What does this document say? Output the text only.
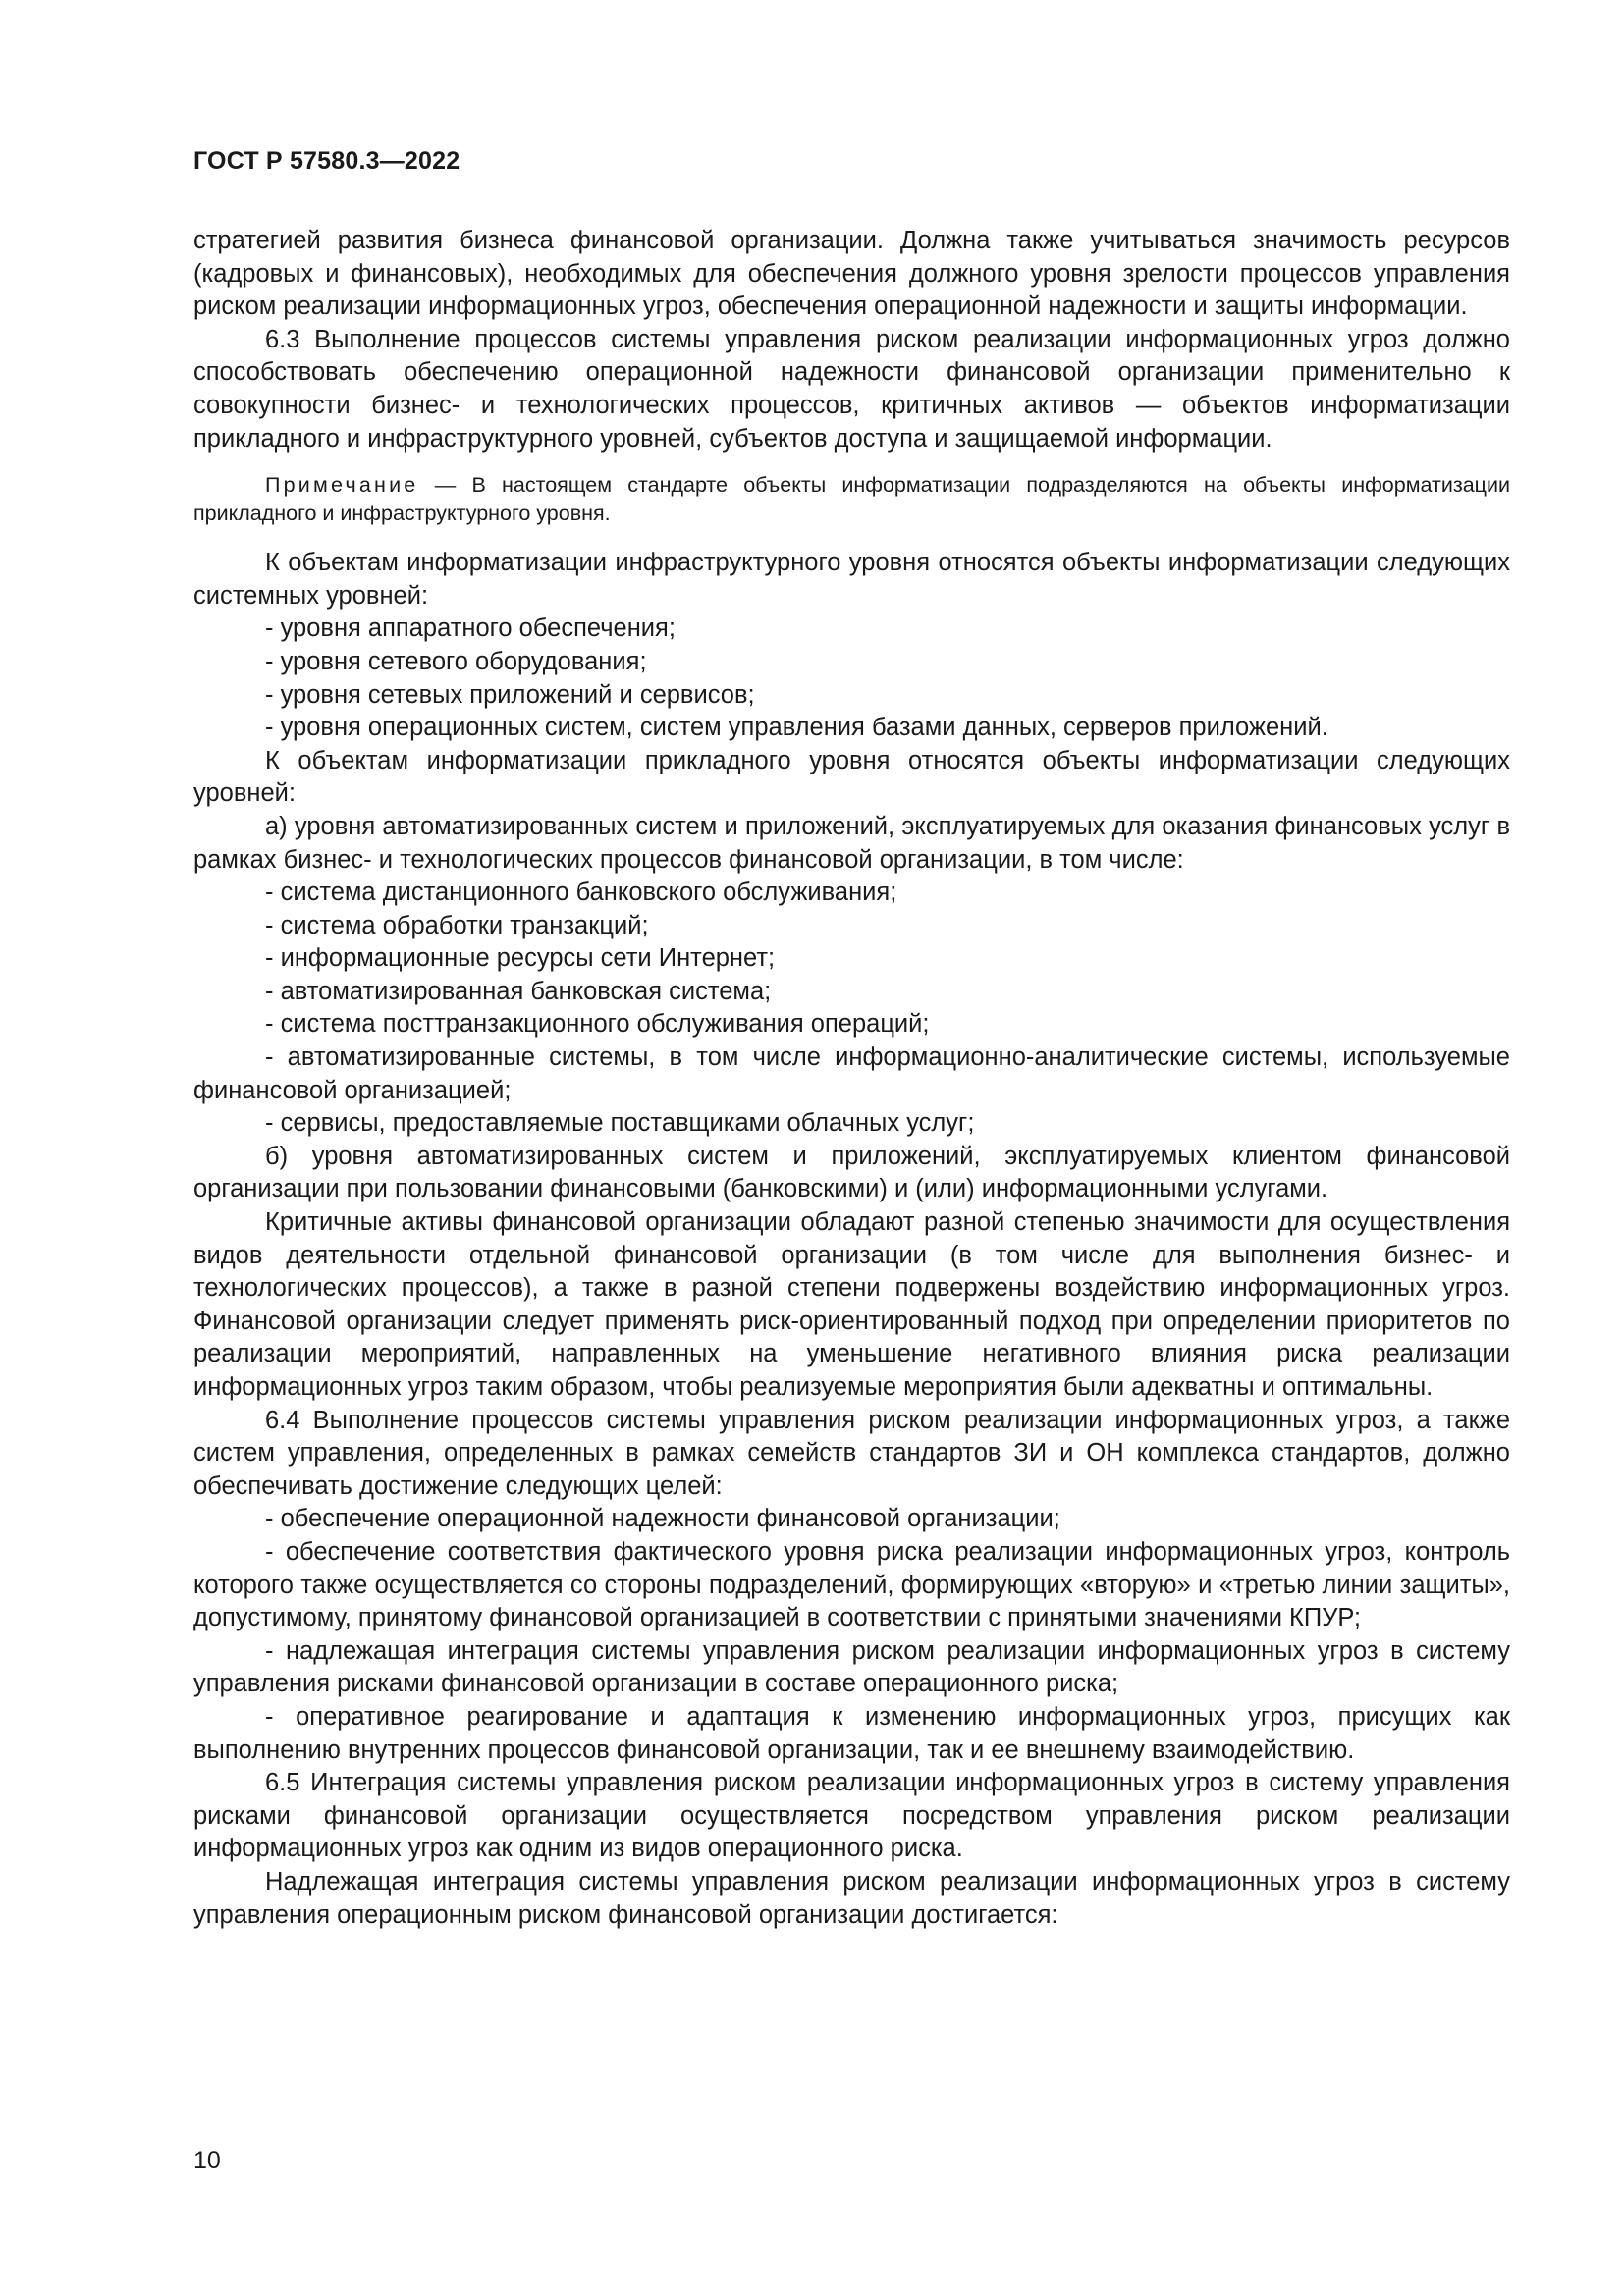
ГОСТ Р 57580.3—2022

стратегией развития бизнеса финансовой организации. Должна также учитываться значимость ресурсов (кадровых и финансовых), необходимых для обеспечения должного уровня зрелости процессов управления риском реализации информационных угроз, обеспечения операционной надежности и защиты информации.

6.3 Выполнение процессов системы управления риском реализации информационных угроз должно способствовать обеспечению операционной надежности финансовой организации применительно к совокупности бизнес- и технологических процессов, критичных активов — объектов информатизации прикладного и инфраструктурного уровней, субъектов доступа и защищаемой информации.

Примечание — В настоящем стандарте объекты информатизации подразделяются на объекты информатизации прикладного и инфраструктурного уровня.

К объектам информатизации инфраструктурного уровня относятся объекты информатизации следующих системных уровней:

- уровня аппаратного обеспечения;

- уровня сетевого оборудования;

- уровня сетевых приложений и сервисов;

- уровня операционных систем, систем управления базами данных, серверов приложений.

К объектам информатизации прикладного уровня относятся объекты информатизации следующих уровней:

а) уровня автоматизированных систем и приложений, эксплуатируемых для оказания финансовых услуг в рамках бизнес- и технологических процессов финансовой организации, в том числе:

- система дистанционного банковского обслуживания;

- система обработки транзакций;

- информационные ресурсы сети Интернет;

- автоматизированная банковская система;

- система посттранзакционного обслуживания операций;

- автоматизированные системы, в том числе информационно-аналитические системы, используемые финансовой организацией;

- сервисы, предоставляемые поставщиками облачных услуг;

б) уровня автоматизированных систем и приложений, эксплуатируемых клиентом финансовой организации при пользовании финансовыми (банковскими) и (или) информационными услугами.

Критичные активы финансовой организации обладают разной степенью значимости для осуществления видов деятельности отдельной финансовой организации (в том числе для выполнения бизнес- и технологических процессов), а также в разной степени подвержены воздействию информационных угроз. Финансовой организации следует применять риск-ориентированный подход при определении приоритетов по реализации мероприятий, направленных на уменьшение негативного влияния риска реализации информационных угроз таким образом, чтобы реализуемые мероприятия были адекватны и оптимальны.

6.4 Выполнение процессов системы управления риском реализации информационных угроз, а также систем управления, определенных в рамках семейств стандартов ЗИ и ОН комплекса стандартов, должно обеспечивать достижение следующих целей:

- обеспечение операционной надежности финансовой организации;

- обеспечение соответствия фактического уровня риска реализации информационных угроз, контроль которого также осуществляется со стороны подразделений, формирующих «вторую» и «третью линии защиты», допустимому, принятому финансовой организацией в соответствии с принятыми значениями КПУР;

- надлежащая интеграция системы управления риском реализации информационных угроз в систему управления рисками финансовой организации в составе операционного риска;

- оперативное реагирование и адаптация к изменению информационных угроз, присущих как выполнению внутренних процессов финансовой организации, так и ее внешнему взаимодействию.

6.5 Интеграция системы управления риском реализации информационных угроз в систему управления рисками финансовой организации осуществляется посредством управления риском реализации информационных угроз как одним из видов операционного риска.

Надлежащая интеграция системы управления риском реализации информационных угроз в систему управления операционным риском финансовой организации достигается:

10
